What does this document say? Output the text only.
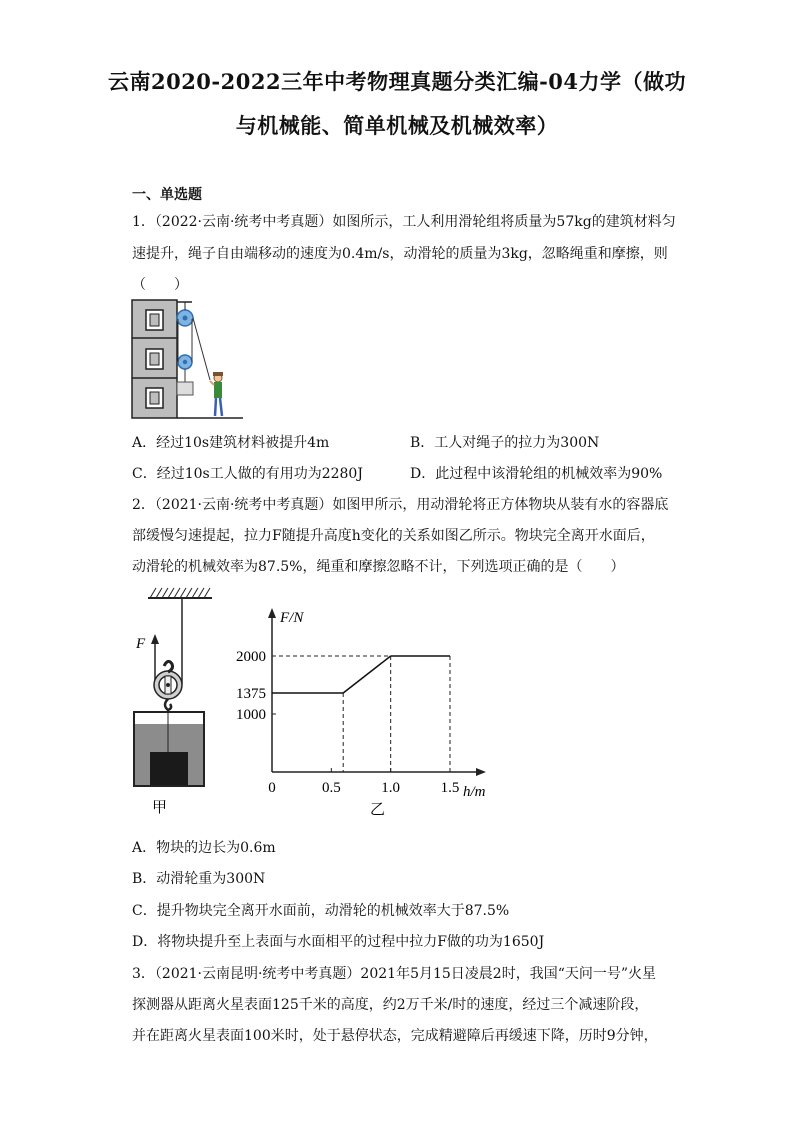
云南2020-2022三年中考物理真题分类汇编-04力学（做功
与机械能、简单机械及机械效率）
一、单选题
1．（2022·云南·统考中考真题）如图所示，工人利用滑轮组将质量为57kg的建筑材料匀
速提升，绳子自由端移动的速度为0.4m/s，动滑轮的质量为3kg，忽略绳重和摩擦，则
（　　）
A．经过10s建筑材料被提升4m	B．工人对绳子的拉力为300N
C．经过10s工人做的有用功为2280J	D．此过程中该滑轮组的机械效率为90%
2．（2021·云南·统考中考真题）如图甲所示，用动滑轮将正方体物块从装有水的容器底
部缓慢匀速提起，拉力F随提升高度h变化的关系如图乙所示。物块完全离开水面后，
动滑轮的机械效率为87.5%，绳重和摩擦忽略不计，下列选项正确的是（　　）
F
甲
F/N
h/m
2000
1375
1000
0	0.5	1.0	1.5
乙
A．物块的边长为0.6m
B．动滑轮重为300N
C．提升物块完全离开水面前，动滑轮的机械效率大于87.5%
D．将物块提升至上表面与水面相平的过程中拉力F做的功为1650J
3．（2021·云南昆明·统考中考真题）2021年5月15日凌晨2时，我国“天问一号”火星
探测器从距离火星表面125千米的高度，约2万千米/时的速度，经过三个减速阶段，
并在距离火星表面100米时，处于悬停状态，完成精避障后再缓速下降，历时9分钟，
